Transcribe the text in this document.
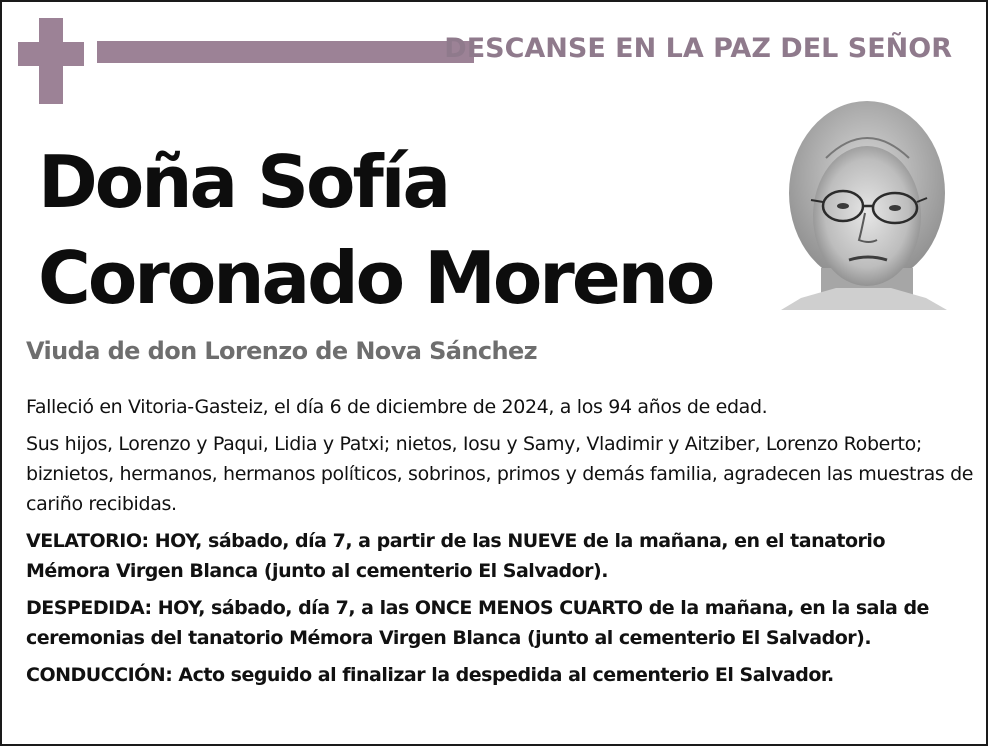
DESCANSE EN LA PAZ DEL SEÑOR
Doña Sofía
Coronado Moreno
Viuda de don Lorenzo de Nova Sánchez

Falleció en Vitoria-Gasteiz, el día 6 de diciembre de 2024, a los 94 años de edad.

Sus hijos, Lorenzo y Paqui, Lidia y Patxi; nietos, Iosu y Samy, Vladimir y Aitziber, Lorenzo Roberto; biznietos, hermanos, hermanos políticos, sobrinos, primos y demás familia, agradecen las muestras de cariño recibidas.

VELATORIO: HOY, sábado, día 7, a partir de las NUEVE de la mañana, en el tanatorio Mémora Virgen Blanca (junto al cementerio El Salvador).

DESPEDIDA: HOY, sábado, día 7, a las ONCE MENOS CUARTO de la mañana, en la sala de ceremonias del tanatorio Mémora Virgen Blanca (junto al cementerio El Salvador).

CONDUCCIÓN: Acto seguido al finalizar la despedida al cementerio El Salvador.
